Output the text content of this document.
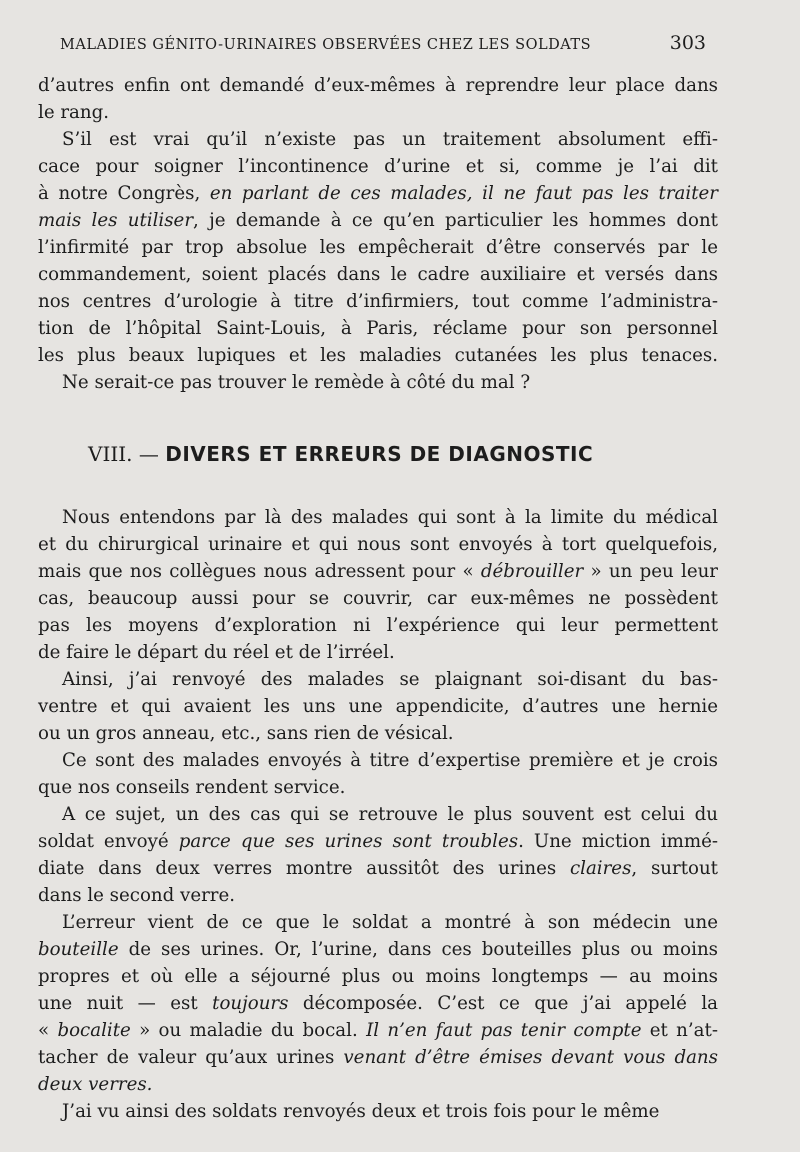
MALADIES GÉNITO-URINAIRES OBSERVÉES CHEZ LES SOLDATS	303
d’autres enfin ont demandé d’eux-mêmes à reprendre leur place dans
le rang.
S’il est vrai qu’il n’existe pas un traitement absolument effi-
cace pour soigner l’incontinence d’urine et si, comme je l’ai dit
à notre Congrès, en parlant de ces malades, il ne faut pas les traiter
mais les utiliser, je demande à ce qu’en particulier les hommes dont
l’infirmité par trop absolue les empêcherait d’être conservés par le
commandement, soient placés dans le cadre auxiliaire et versés dans
nos centres d’urologie à titre d’infirmiers, tout comme l’administra-
tion de l’hôpital Saint-Louis, à Paris, réclame pour son personnel
les plus beaux lupiques et les maladies cutanées les plus tenaces.
Ne serait-ce pas trouver le remède à côté du mal ?
VIII. — DIVERS ET ERREURS DE DIAGNOSTIC
Nous entendons par là des malades qui sont à la limite du médical
et du chirurgical urinaire et qui nous sont envoyés à tort quelquefois,
mais que nos collègues nous adressent pour « débrouiller » un peu leur
cas, beaucoup aussi pour se couvrir, car eux-mêmes ne possèdent
pas les moyens d’exploration ni l’expérience qui leur permettent
de faire le départ du réel et de l’irréel.
Ainsi, j’ai renvoyé des malades se plaignant soi-disant du bas-
ventre et qui avaient les uns une appendicite, d’autres une hernie
ou un gros anneau, etc., sans rien de vésical.
Ce sont des malades envoyés à titre d’expertise première et je crois
que nos conseils rendent service.
A ce sujet, un des cas qui se retrouve le plus souvent est celui du
soldat envoyé parce que ses urines sont troubles. Une miction immé-
diate dans deux verres montre aussitôt des urines claires, surtout
dans le second verre.
L’erreur vient de ce que le soldat a montré à son médecin une
bouteille de ses urines. Or, l’urine, dans ces bouteilles plus ou moins
propres et où elle a séjourné plus ou moins longtemps — au moins
une nuit — est toujours décomposée. C’est ce que j’ai appelé la
« bocalite » ou maladie du bocal. Il n’en faut pas tenir compte et n’at-
tacher de valeur qu’aux urines venant d’être émises devant vous dans
deux verres.
J’ai vu ainsi des soldats renvoyés deux et trois fois pour le même
